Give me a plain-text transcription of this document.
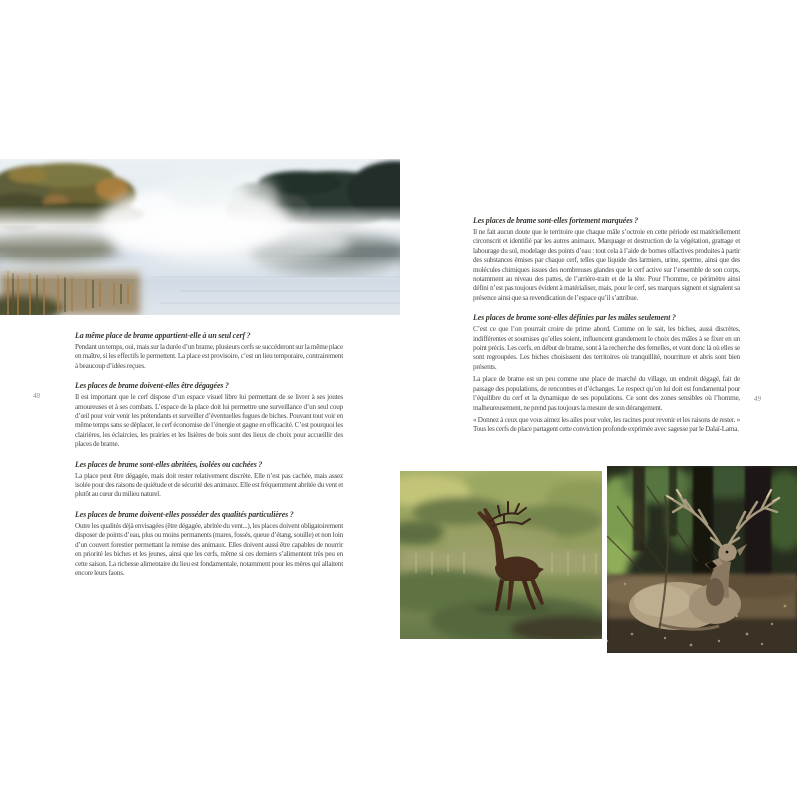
48
La même place de brame appartient-elle à un seul cerf ?

Pendant un temps, oui, mais sur la durée d’un brame, plusieurs cerfs se succéderont sur la même place en maître, si les effectifs le permettent. La place est provisoire, c’est un lieu temporaire, contrairement à beaucoup d’idées reçues.

Les places de brame doivent-elles être dégagées ?

Il est important que le cerf dispose d’un espace visuel libre lui permettant de se livrer à ses joutes amoureuses et à ses combats. L’espace de la place doit lui permettre une surveillance d’un seul coup d’œil pour voir venir les prétendants et surveiller d’éventuelles fugues de biches. Pouvant tout voir en même temps sans se déplacer, le cerf économise de l’énergie et gagne en efficacité. C’est pourquoi les clairières, les éclaircies, les prairies et les lisières de bois sont des lieux de choix pour accueillir des places de brame.

Les places de brame sont-elles abritées, isolées ou cachées ?

La place peut être dégagée, mais doit rester relativement discrète. Elle n’est pas cachée, mais assez isolée pour des raisons de quiétude et de sécurité des animaux. Elle est fréquemment abritée du vent et plutôt au cœur du milieu naturel.

Les places de brame doivent-elles posséder des qualités particulières ?

Outre les qualités déjà envisagées (être dégagée, abritée du vent...), les places doivent obligatoirement disposer de points d’eau, plus ou moins permanents (mares, fossés, queue d’étang, souille) et non loin d’un couvert forestier permettant la remise des animaux. Elles doivent aussi être capables de nourrir en priorité les biches et les jeunes, ainsi que les cerfs, même si ces derniers s’alimentent très peu en cette saison. La richesse alimentaire du lieu est fondamentale, notamment pour les mères qui allaitent encore leurs faons.

Les places de brame sont-elles fortement marquées ?

Il ne fait aucun doute que le territoire que chaque mâle s’octroie en cette période est matériellement circonscrit et identifié par les autres animaux. Marquage et destruction de la végétation, grattage et labourage du sol, modelage des points d’eau : tout cela à l’aide de bornes olfactives produites à partir des substances émises par chaque cerf, telles que liquide des larmiers, urine, sperme, ainsi que des molécules chimiques issues des nombreuses glandes que le cerf active sur l’ensemble de son corps, notamment au niveau des pattes, de l’arrière-train et de la tête. Pour l’homme, ce périmètre ainsi défini n’est pas toujours évident à matérialiser, mais, pour le cerf, ses marques signent et signalent sa présence ainsi que sa revendication de l’espace qu’il s’attribue.

Les places de brame sont-elles définies par les mâles seulement ?

C’est ce que l’on pourrait croire de prime abord. Comme on le sait, les biches, aussi discrètes, indifférentes et soumises qu’elles soient, influencent grandement le choix des mâles à se fixer en un point précis. Les cerfs, en début de brame, sont à la recherche des femelles, et vont donc là où elles se sont regroupées. Les biches choisissent des territoires où tranquillité, nourriture et abris sont bien présents.

La place de brame est un peu comme une place de marché du village, un endroit dégagé, fait de passage des populations, de rencontres et d’échanges. Le respect qu’on lui doit est fondamental pour l’équilibre du cerf et la dynamique de ses populations. Ce sont des zones sensibles où l’homme, malheureusement, ne prend pas toujours la mesure de son dérangement.

« Donnez à ceux que vous aimez les ailes pour voler, les racines pour revenir et les raisons de rester. » Tous les cerfs de place partagent cette conviction profonde exprimée avec sagesse par le Dalaï-Lama.

49
